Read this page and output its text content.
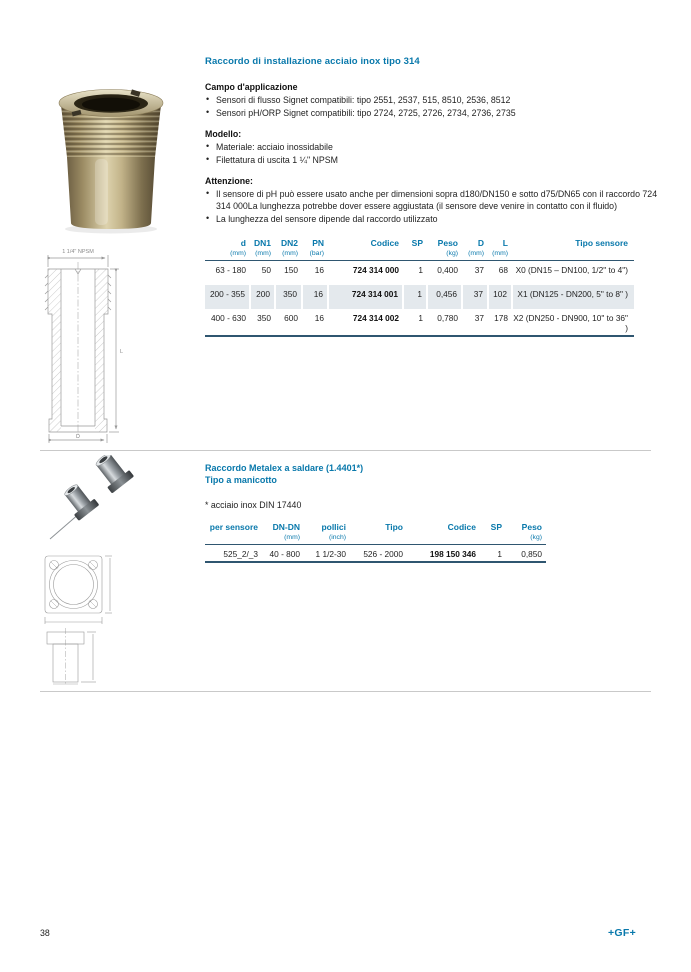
1 1/4" NPSM
L
D
Raccordo di installazione acciaio inox tipo 314
Campo d'applicazione
• Sensori di flusso Signet compatibili: tipo 2551, 2537, 515, 8510, 2536, 8512
• Sensori pH/ORP Signet compatibili: tipo 2724, 2725, 2726, 2734, 2736, 2735
Modello:
• Materiale: acciaio inossidabile
• Filettatura di uscita 1 ¼" NPSM
Attenzione:
• Il sensore di pH può essere usato anche per dimensioni sopra d180/DN150 e sotto d75/DN65 con il raccordo 724 314 000La lunghezza potrebbe dover essere aggiustata (il sensore deve venire in contatto con il fluido)
• La lunghezza del sensore dipende dal raccordo utilizzato
d
(mm)

DN1
(mm)

DN2
(mm)

PN
(bar)

Codice	SP	Peso
(kg)

D
(mm)

L
(mm)

Tipo sensore

63 - 180	50	150	16	724 314 000	1	0,400	37	68	X0 (DN15 – DN100, 1/2" to 4")
200 - 355	200	350	16	724 314 001	1	0,456	37	102	X1 (DN125 - DN200, 5" to 8" )
400 - 630	350	600	16	724 314 002	1	0,780	37	178	X2 (DN250 - DN900, 10" to 36" )
Raccordo Metalex a saldare (1.4401*)
Tipo a manicotto
* acciaio inox DIN 17440
per sensore	DN-DN
(mm)

pollici
(inch)

Tipo	Codice	SP	Peso
(kg)

525_2/_3	40 - 800	1 1/2-30	526 - 2000	198 150 346	1	0,850
38	+GF+
